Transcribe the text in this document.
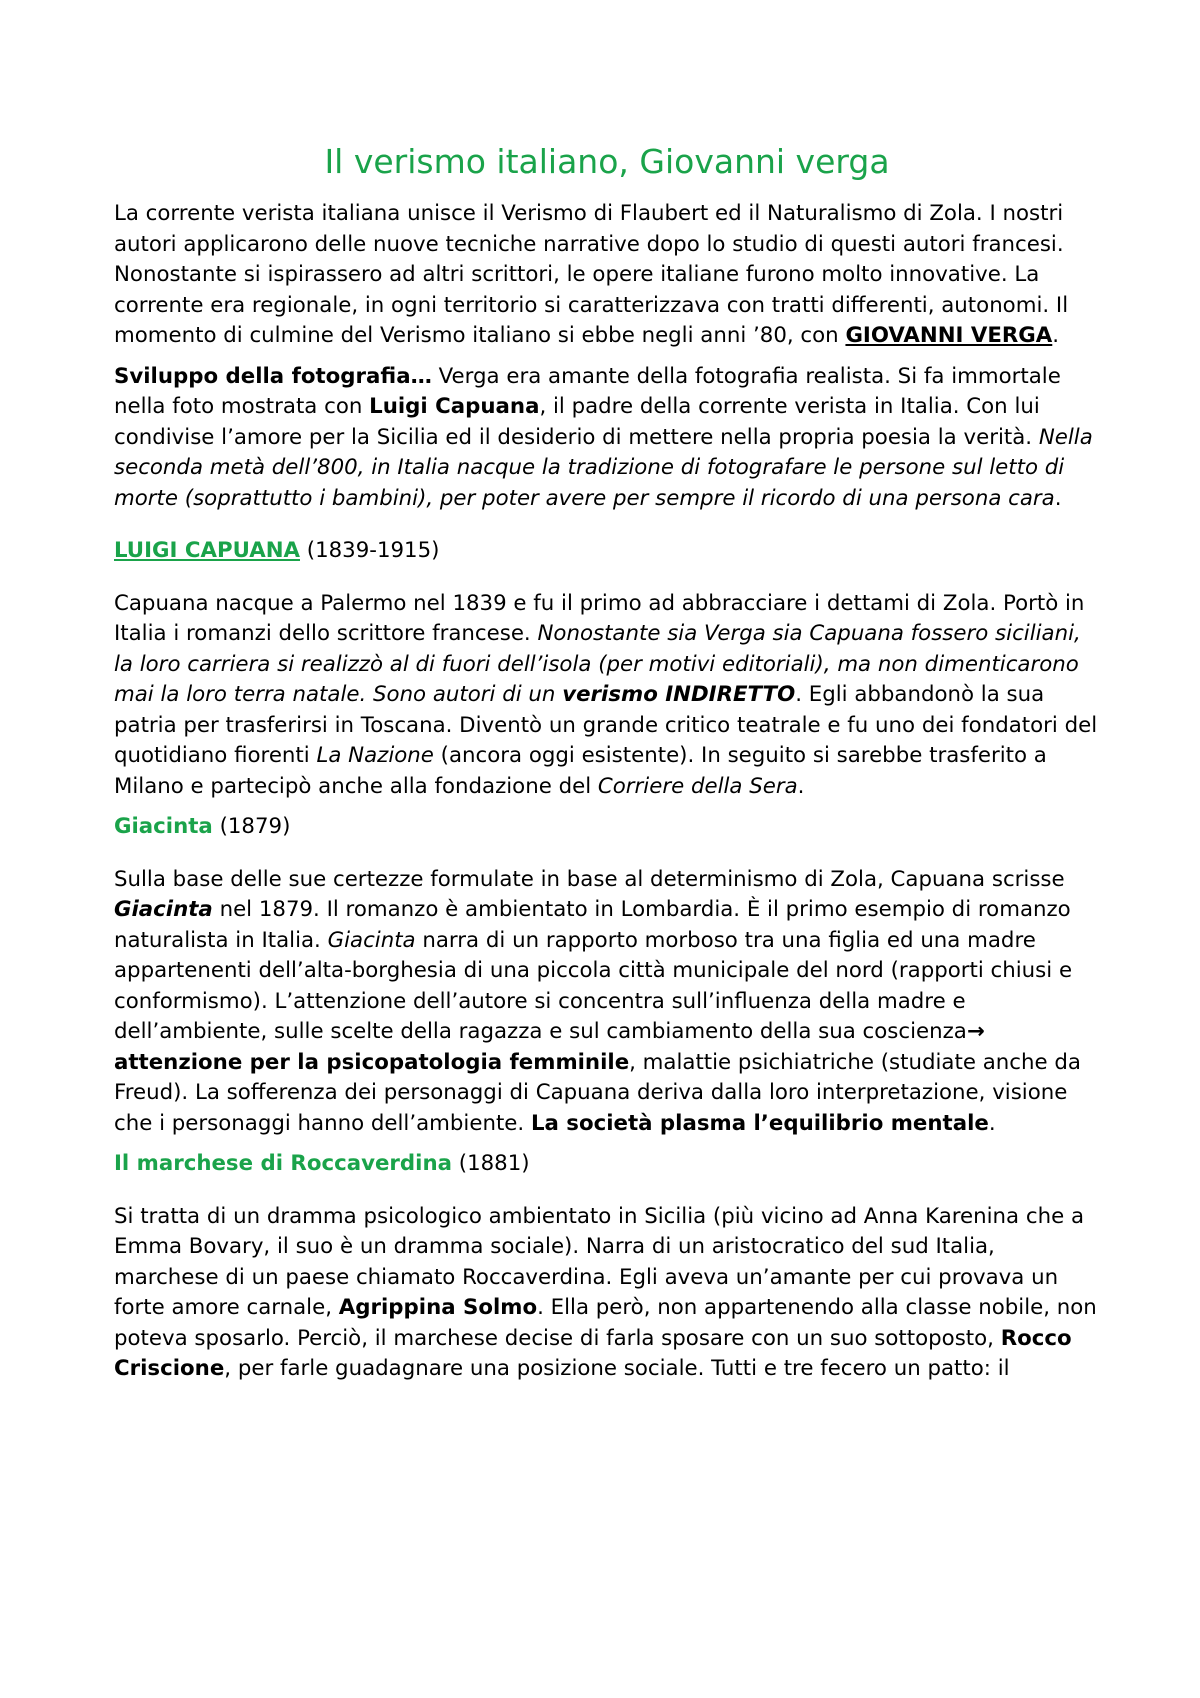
Il verismo italiano, Giovanni verga

La corrente verista italiana unisce il Verismo di Flaubert ed il Naturalismo di Zola. I nostri autori applicarono delle nuove tecniche narrative dopo lo studio di questi autori francesi. Nonostante si ispirassero ad altri scrittori, le opere italiane furono molto innovative. La corrente era regionale, in ogni territorio si caratterizzava con tratti differenti, autonomi. Il momento di culmine del Verismo italiano si ebbe negli anni ’80, con GIOVANNI VERGA.

Sviluppo della fotografia… Verga era amante della fotografia realista. Si fa immortale nella foto mostrata con Luigi Capuana, il padre della corrente verista in Italia. Con lui condivise l’amore per la Sicilia ed il desiderio di mettere nella propria poesia la verità. Nella seconda metà dell’800, in Italia nacque la tradizione di fotografare le persone sul letto di morte (soprattutto i bambini), per poter avere per sempre il ricordo di una persona cara.

LUIGI CAPUANA (1839-1915)

Capuana nacque a Palermo nel 1839 e fu il primo ad abbracciare i dettami di Zola. Portò in Italia i romanzi dello scrittore francese. Nonostante sia Verga sia Capuana fossero siciliani, la loro carriera si realizzò al di fuori dell’isola (per motivi editoriali), ma non dimenticarono mai la loro terra natale. Sono autori di un verismo INDIRETTO. Egli abbandonò la sua patria per trasferirsi in Toscana. Diventò un grande critico teatrale e fu uno dei fondatori del quotidiano fiorenti La Nazione (ancora oggi esistente). In seguito si sarebbe trasferito a Milano e partecipò anche alla fondazione del Corriere della Sera.

Giacinta (1879)

Sulla base delle sue certezze formulate in base al determinismo di Zola, Capuana scrisse Giacinta nel 1879. Il romanzo è ambientato in Lombardia. È il primo esempio di romanzo naturalista in Italia. Giacinta narra di un rapporto morboso tra una figlia ed una madre appartenenti dell’alta-borghesia di una piccola città municipale del nord (rapporti chiusi e conformismo). L’attenzione dell’autore si concentra sull’influenza della madre e dell’ambiente, sulle scelte della ragazza e sul cambiamento della sua coscienza→ attenzione per la psicopatologia femminile, malattie psichiatriche (studiate anche da Freud). La sofferenza dei personaggi di Capuana deriva dalla loro interpretazione, visione che i personaggi hanno dell’ambiente. La società plasma l’equilibrio mentale.

Il marchese di Roccaverdina (1881)

Si tratta di un dramma psicologico ambientato in Sicilia (più vicino ad Anna Karenina che a Emma Bovary, il suo è un dramma sociale). Narra di un aristocratico del sud Italia, marchese di un paese chiamato Roccaverdina. Egli aveva un’amante per cui provava un forte amore carnale, Agrippina Solmo. Ella però, non appartenendo alla classe nobile, non poteva sposarlo. Perciò, il marchese decise di farla sposare con un suo sottoposto, Rocco Criscione, per farle guadagnare una posizione sociale. Tutti e tre fecero un patto: il
